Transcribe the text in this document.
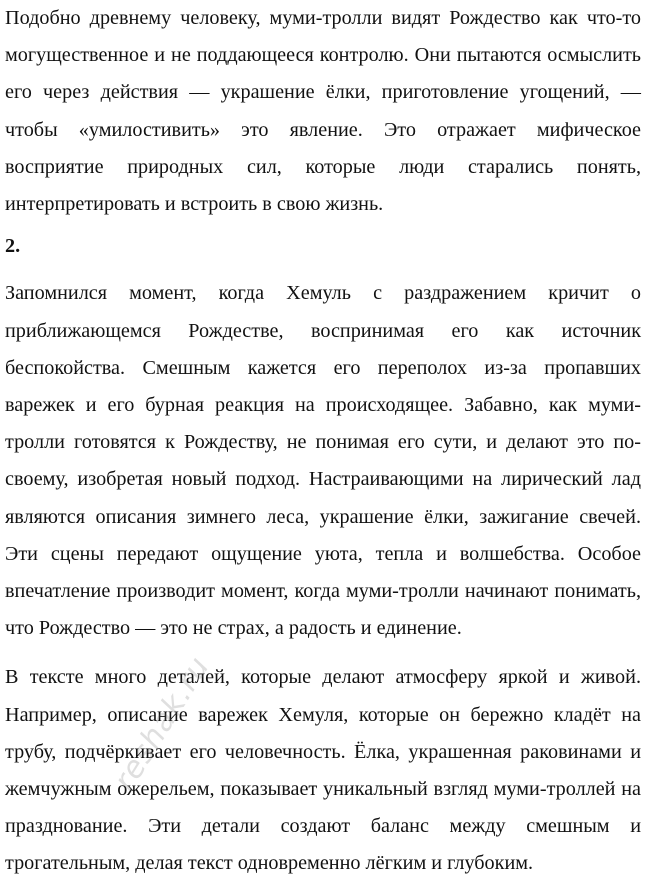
Подобно древнему человеку, муми-тролли видят Рождество как что-то могущественное и не поддающееся контролю. Они пытаются осмыслить его через действия — украшение ёлки, приготовление угощений, — чтобы «умилостивить» это явление. Это отражает мифическое восприятие природных сил, которые люди старались понять, интерпретировать и встроить в свою жизнь.

2.

Запомнился момент, когда Хемуль с раздражением кричит о приближающемся Рождестве, воспринимая его как источник беспокойства. Смешным кажется его переполох из-за пропавших варежек и его бурная реакция на происходящее. Забавно, как муми-тролли готовятся к Рождеству, не понимая его сути, и делают это по-своему, изобретая новый подход. Настраивающими на лирический лад являются описания зимнего леса, украшение ёлки, зажигание свечей. Эти сцены передают ощущение уюта, тепла и волшебства. Особое впечатление производит момент, когда муми-тролли начинают понимать, что Рождество — это не страх, а радость и единение.

В тексте много деталей, которые делают атмосферу яркой и живой. Например, описание варежек Хемуля, которые он бережно кладёт на трубу, подчёркивает его человечность. Ёлка, украшенная раковинами и жемчужным ожерельем, показывает уникальный взгляд муми-троллей на празднование. Эти детали создают баланс между смешным и трогательным, делая текст одновременно лёгким и глубоким.

reshak.ru
